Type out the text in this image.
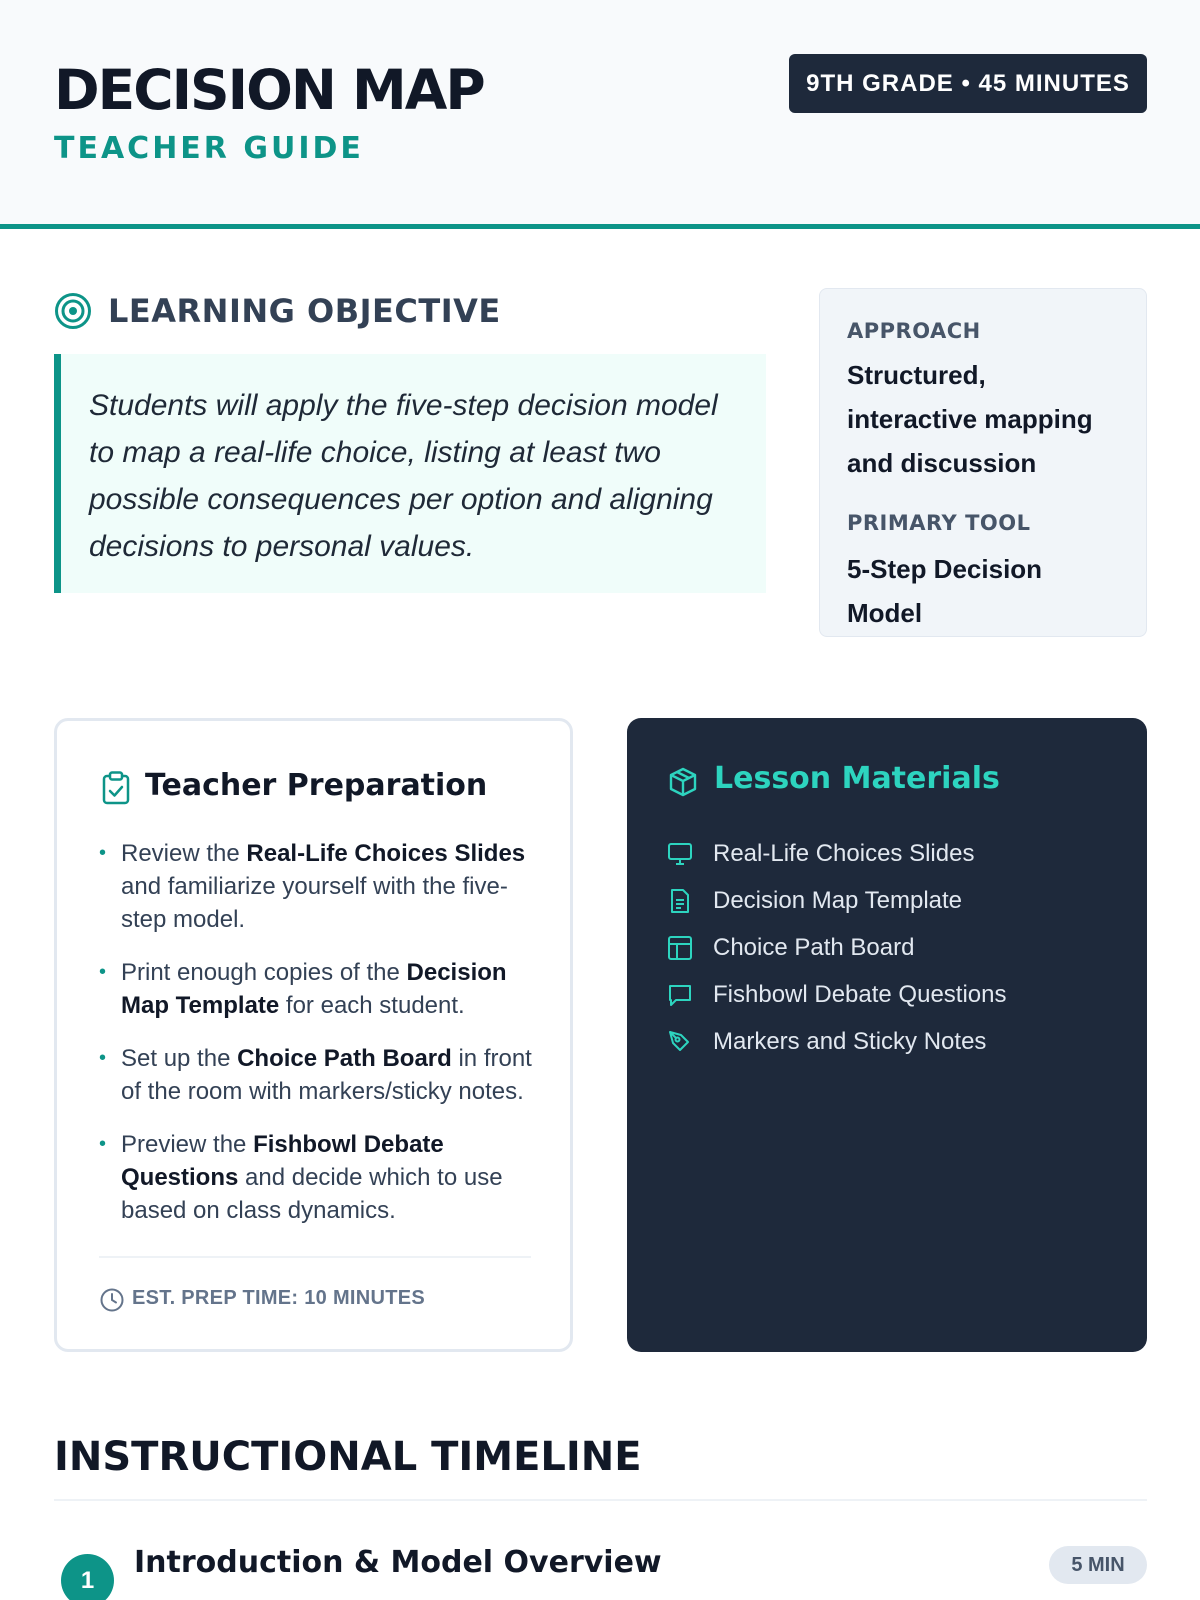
DECISION MAP
TEACHER GUIDE
9TH GRADE • 45 MINUTES
LEARNING OBJECTIVE

Students will apply the five-step decision model to map a real-life choice, listing at least two possible consequences per option and aligning decisions to personal values.

APPROACH
Structured, interactive mapping and discussion
PRIMARY TOOL
5-Step Decision Model
Teacher Preparation
• Review the Real-Life Choices Slides and familiarize yourself with the five-step model.
• Print enough copies of the Decision Map Template for each student.
• Set up the Choice Path Board in front of the room with markers/sticky notes.
• Preview the Fishbowl Debate Questions and decide which to use based on class dynamics.
EST. PREP TIME: 10 MINUTES
Lesson Materials
Real-Life Choices Slides
Decision Map Template
Choice Path Board
Fishbowl Debate Questions
Markers and Sticky Notes
INSTRUCTIONAL TIMELINE
1	Introduction & Model Overview	5 MIN
